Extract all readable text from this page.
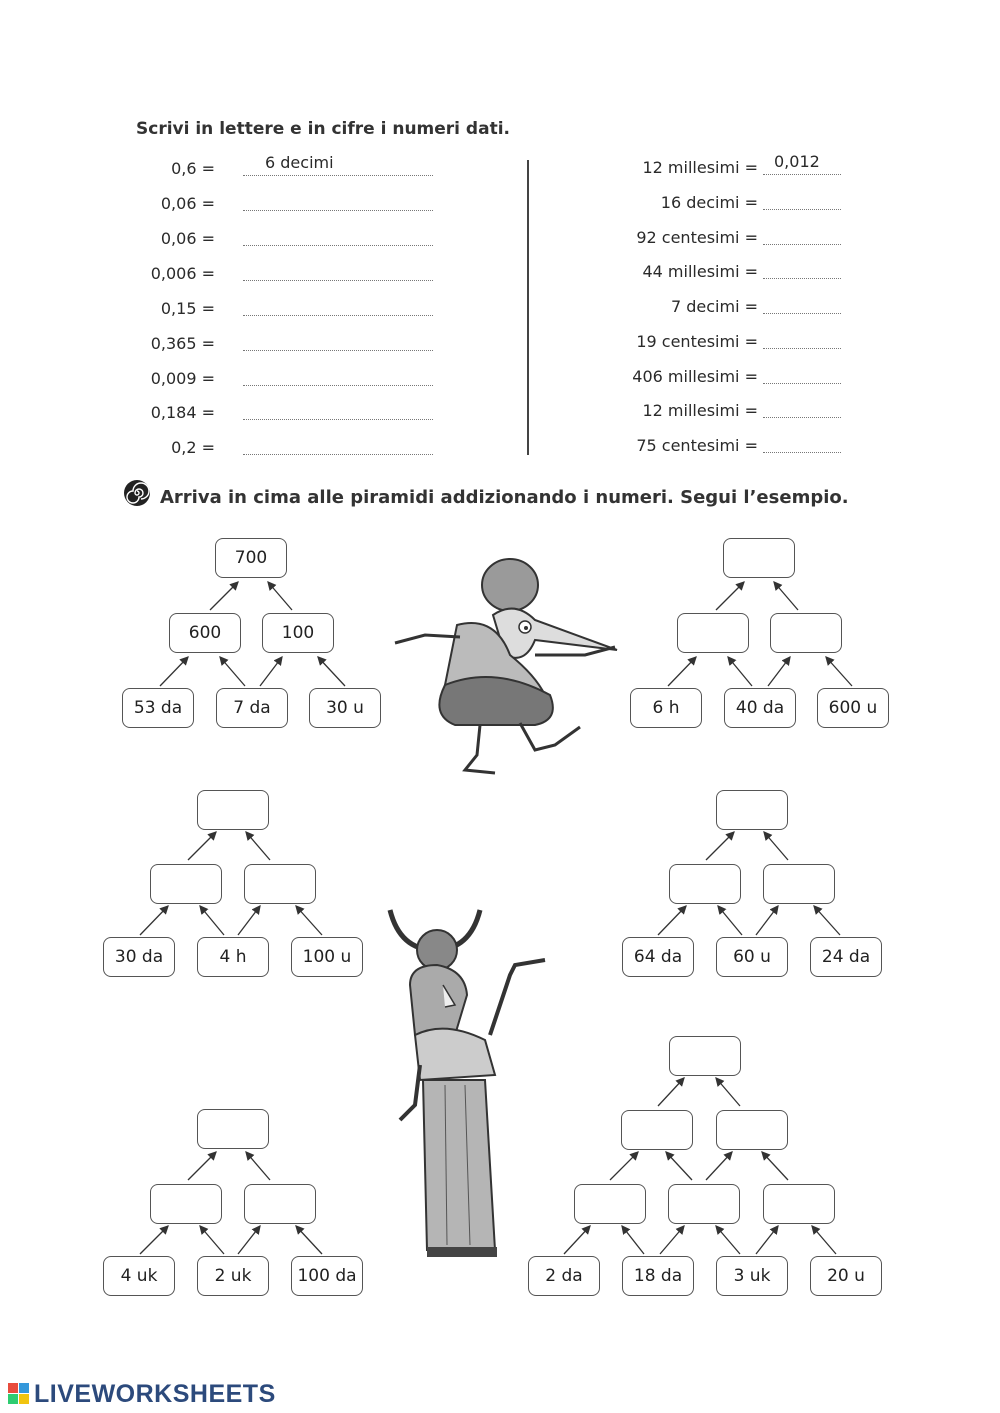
Scrivi in lettere e in cifre i numeri dati.
0,6 =	6 decimi
0,06 =
0,06 =
0,006 =
0,15 =
0,365 =
0,009 =
0,184 =
0,2 =
12 millesimi = 0,012
16 decimi =
92 centesimi =
44 millesimi =
7 decimi =
19 centesimi =
406 millesimi =
12 millesimi =
75 centesimi =
Arriva in cima alle piramidi addizionando i numeri. Segui l’esempio.
700
600	100
53 da	7 da	30 u	6 h	40 da	600 u
30 da	4 h	100 u	64 da	60 u	24 da
4 uk	2 uk	100 da	2 da	18 da	3 uk	20 u
LIVEWORKSHEETS
